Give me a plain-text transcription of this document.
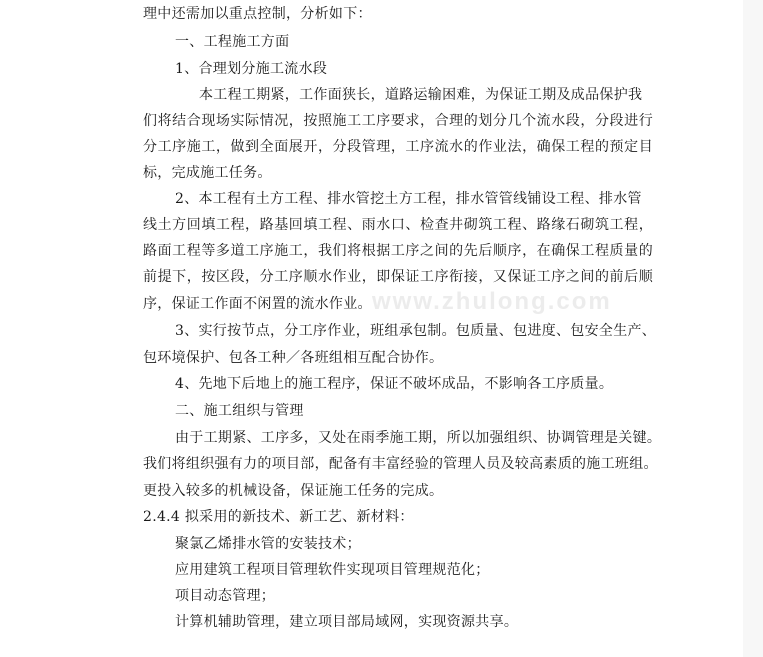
理中还需加以重点控制，分析如下：
一、工程施工方面
1、合理划分施工流水段
本工程工期紧，工作面狭长，道路运输困难，为保证工期及成品保护我
们将结合现场实际情况，按照施工工序要求，合理的划分几个流水段，分段进行
分工序施工，做到全面展开，分段管理，工序流水的作业法，确保工程的预定目
标，完成施工任务。
2、本工程有土方工程、排水管挖土方工程，排水管管线铺设工程、排水管
线土方回填工程，路基回填工程、雨水口、检查井砌筑工程、路缘石砌筑工程，
路面工程等多道工序施工，我们将根据工序之间的先后顺序，在确保工程质量的
前提下，按区段，分工序顺水作业，即保证工序衔接，又保证工序之间的前后顺
序，保证工作面不闲置的流水作业。
3、实行按节点，分工序作业，班组承包制。包质量、包进度、包安全生产、
包环境保护、包各工种／各班组相互配合协作。
4、先地下后地上的施工程序，保证不破坏成品，不影响各工序质量。
二、施工组织与管理
由于工期紧、工序多，又处在雨季施工期，所以加强组织、协调管理是关键。
我们将组织强有力的项目部，配备有丰富经验的管理人员及较高素质的施工班组。
更投入较多的机械设备，保证施工任务的完成。
2.4.4 拟采用的新技术、新工艺、新材料：
聚氯乙烯排水管的安装技术；
应用建筑工程项目管理软件实现项目管理规范化；
项目动态管理；
计算机辅助管理，建立项目部局域网，实现资源共享。
www.zhulong.com
